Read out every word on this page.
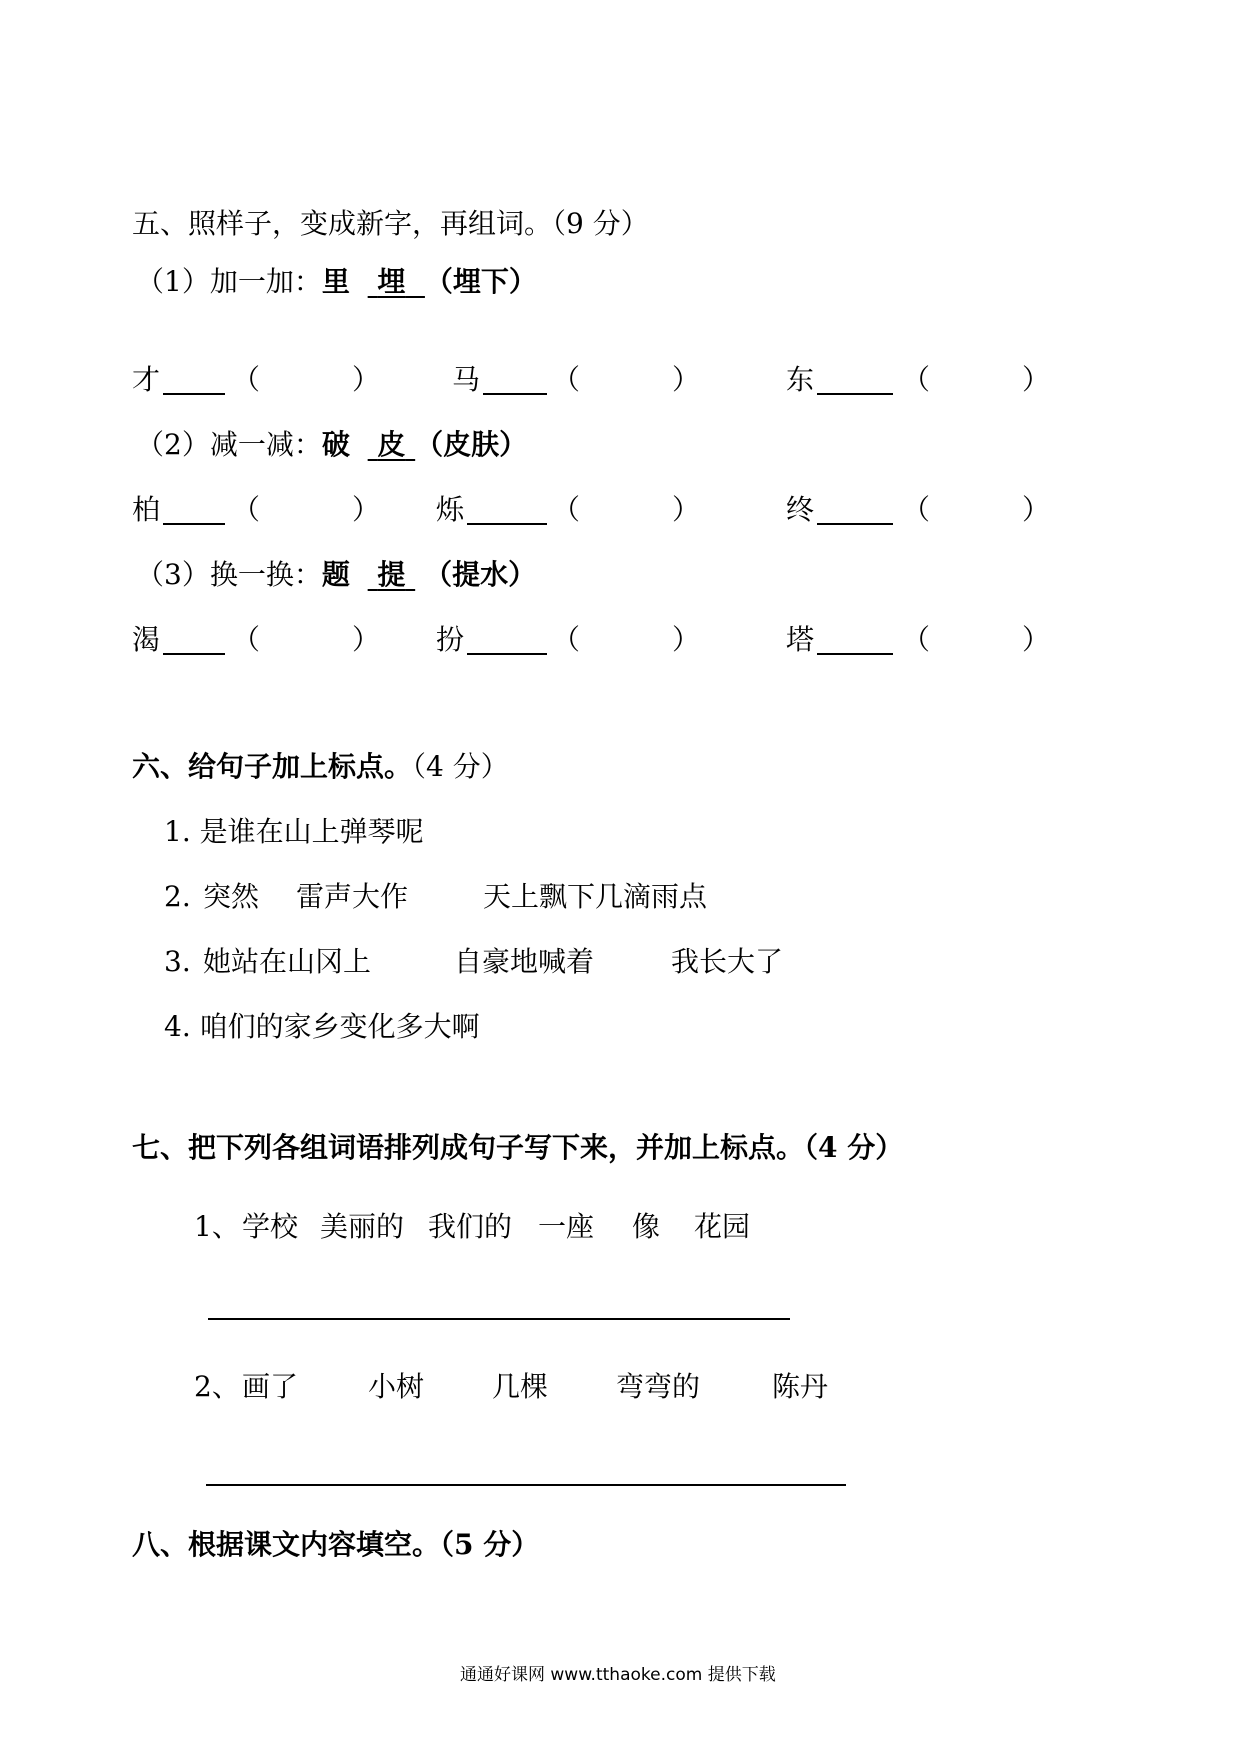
五、照样子，变成新字，再组词。（9 分）
（1）加一加：里 埋 （埋下）
才	（	）	马	（	）	东	（	）
（2）减一减：破 皮 （皮肤）
柏	（	） 烁	（	）	终	（	）
（3）换一换：题 提 （提水）
渴	（	） 扮	（	）	塔	（	）
六、给句子加上标点。（4 分）
1. 是谁在山上弹琴呢
2. 突然 雷声大作	天上飘下几滴雨点
3. 她站在山冈上	自豪地喊着	我长大了
4. 咱们的家乡变化多大啊
七、把下列各组词语排列成句子写下来，并加上标点。（4 分）
1、 学校 美丽的 我们的 一座 像 花园
2、 画了 小树 几棵 弯弯的	陈丹
八、根据课文内容填空。（5 分）
通通好课网 www.tthaoke.com 提供下载
